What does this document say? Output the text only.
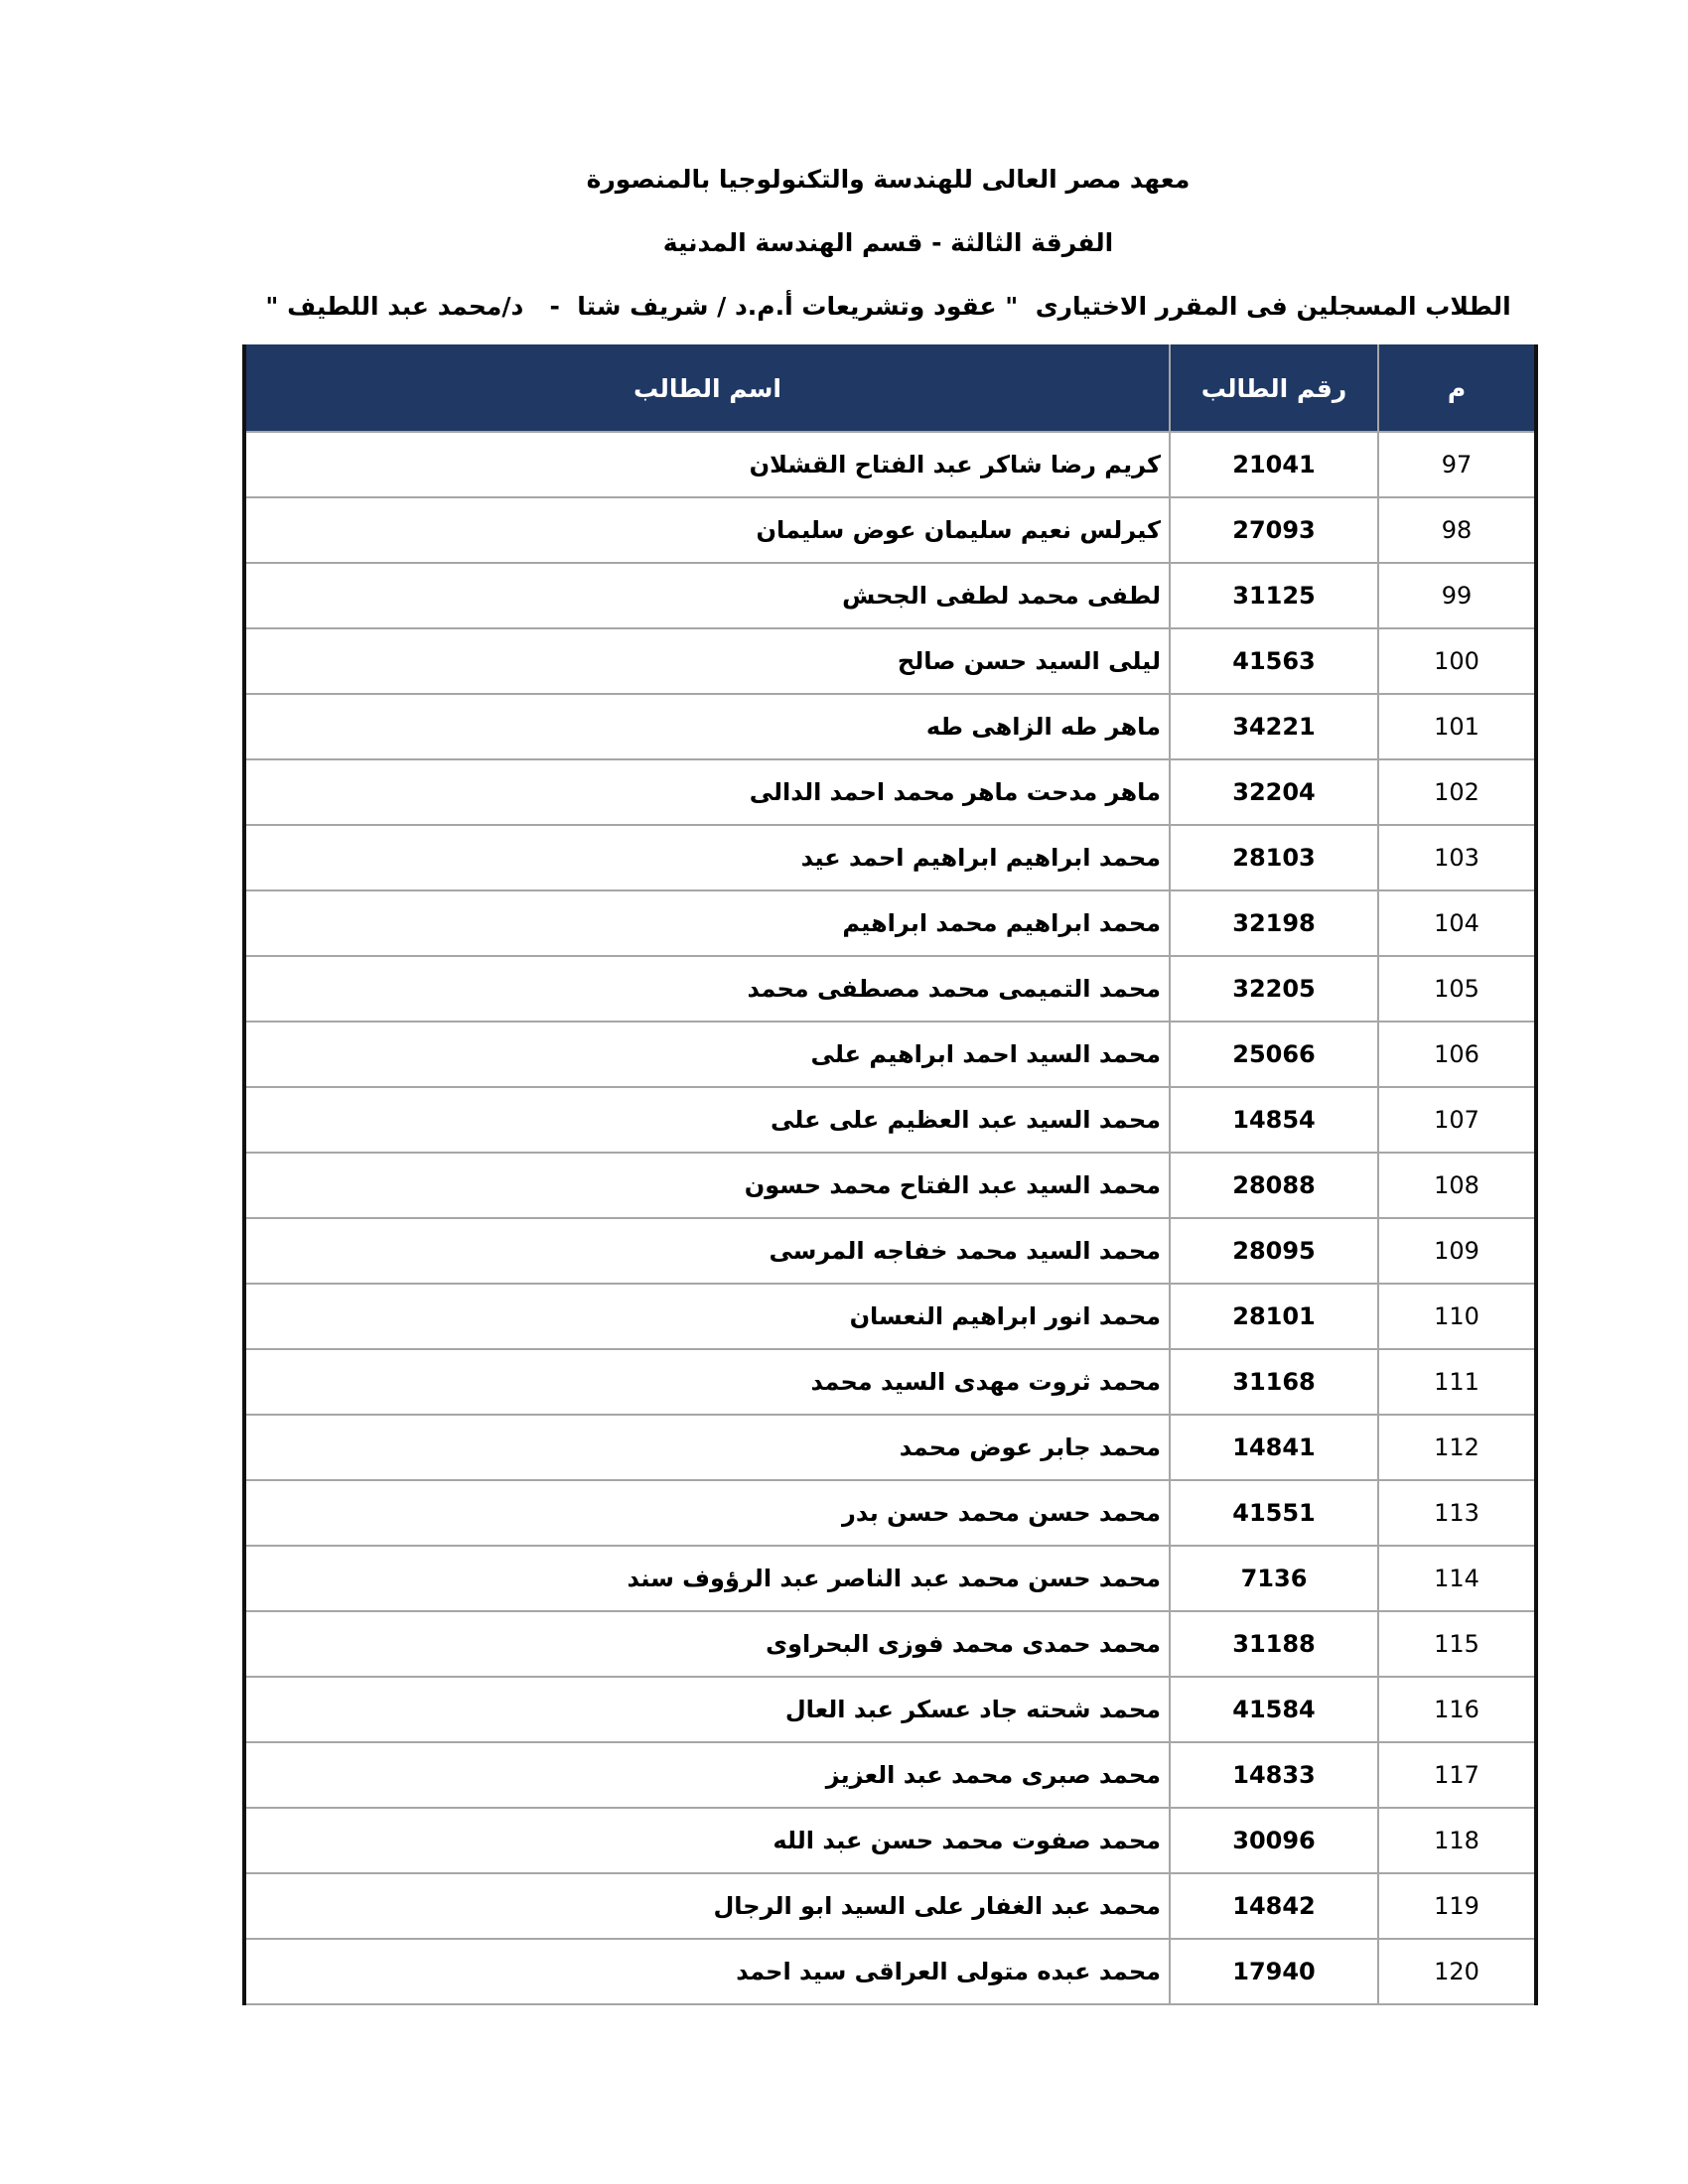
معهد مصر العالى للهندسة والتكنولوجيا بالمنصورة
الفرقة الثالثة - قسم الهندسة المدنية
الطلاب المسجلين فى المقرر الاختيارى  " عقود وتشريعات أ.م.د / شريف شتا  -   د/محمد عبد اللطيف "
م	رقم الطالب	اسم الطالب
97	21041	كريم رضا شاكر عبد الفتاح القشلان
98	27093	كيرلس نعيم سليمان عوض سليمان
99	31125	لطفى محمد لطفى الجحش
100	41563	ليلى السيد حسن صالح
101	34221	ماهر طه الزاهى طه
102	32204	ماهر مدحت ماهر محمد احمد الدالى
103	28103	محمد ابراهيم ابراهيم احمد عيد
104	32198	محمد ابراهيم محمد ابراهيم
105	32205	محمد التميمى محمد مصطفى محمد
106	25066	محمد السيد احمد ابراهيم على
107	14854	محمد السيد عبد العظيم على على
108	28088	محمد السيد عبد الفتاح محمد حسون
109	28095	محمد السيد محمد خفاجه المرسى
110	28101	محمد انور ابراهيم النعسان
111	31168	محمد ثروت مهدى السيد محمد
112	14841	محمد جابر عوض محمد
113	41551	محمد حسن محمد حسن بدر
114	7136	محمد حسن محمد عبد الناصر عبد الرؤوف سند
115	31188	محمد حمدى محمد فوزى البحراوى
116	41584	محمد شحته جاد عسكر عبد العال
117	14833	محمد صبرى محمد عبد العزيز
118	30096	محمد صفوت محمد حسن عبد الله
119	14842	محمد عبد الغفار على السيد ابو الرجال
120	17940	محمد عبده متولى العراقى سيد احمد
